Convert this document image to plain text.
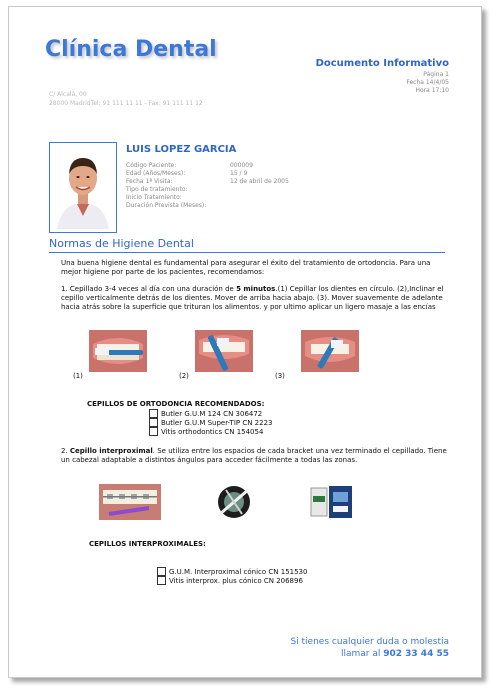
Clínica Dental
Documento Informativo
Página 1
Fecha 14/4/05
Hora 17:10
C/ Alcalá, 00
28000 MadridTel: 91 111 11 11 - Fax: 91 111 11 12
LUIS LOPEZ GARCIA
Código Paciente:	000009
Edad (Años/Meses):	15 / 9
Fecha 1ª Visita:	12 de abril de 2005
Tipo de tratamiento:
Inicio Tratamiento:
Duración Prevista (Meses):
Normas de Higiene Dental
Una buena higiene dental es fundamental para asegurar el éxito del tratamiento de ortodoncia. Para una mejor higiene por parte de los pacientes, recomendamos:
1. Cepillado 3-4 veces al día con una duración de 5 minutos.(1) Cepillar los dientes en círculo. (2),Inclinar el cepillo verticalmente detrás de los dientes. Mover de arriba hacia abajo. (3). Mover suavemente de adelante hacia atrás sobre la superficie que trituran los alimentos. y por ultimo aplicar un ligero masaje a las encías
(1)	(2)	(3)
CEPILLOS DE ORTODONCIA RECOMENDADOS:
Butler G.U.M 124 CN 306472
Butler G.U.M Super-TIP CN 2223
Vitis orthodontics CN 154054
2. Cepillo interproximal. Se utiliza entre los espacios de cada bracket una vez terminado el cepillado. Tiene un cabezal adaptable a distintos ángulos para acceder fácilmente a todas las zonas.
CEPILLOS INTERPROXIMALES:
G.U.M. Interproximal cónico CN 151530
Vitis interprox. plus cónico CN 206896
Si tienes cualquier duda o molestia
llamar al 902 33 44 55
